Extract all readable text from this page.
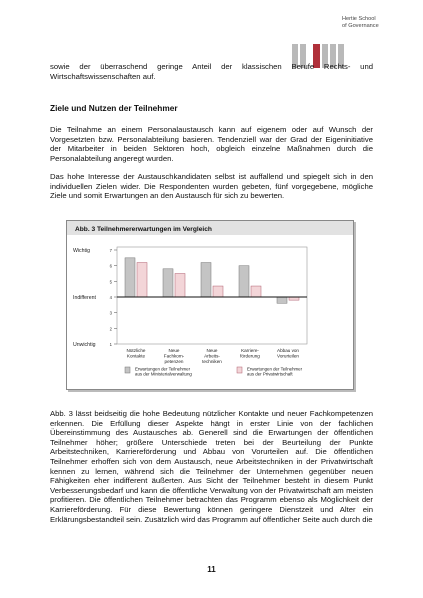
Hertie School
of Governance

sowie der überraschend geringe Anteil der klassischen Berufe Rechts- und Wirtschaftswissenschaften auf.

Ziele und Nutzen der Teilnehmer

Die Teilnahme an einem Personalaustausch kann auf eigenem oder auf Wunsch der Vorgesetzten bzw. Personalabteilung basieren. Tendenziell war der Grad der Eigeninitiative der Mitarbeiter in beiden Sektoren hoch, obgleich einzelne Maßnahmen durch die Personalabteilung angeregt wurden.

Das hohe Interesse der Austauschkandidaten selbst ist auffallend und spiegelt sich in den individuellen Zielen wider. Die Respondenten wurden gebeten, fünf vorgegebene, mögliche Ziele und somit Erwartungen an den Austausch für sich zu bewerten.

Abb. 3 Teilnehmererwartungen im Vergleich
1
2
3
4
5
6
7
Wichtig
Indifferent
Unwichtig
Nützliche
Kontakte
Neue
Fachkom-
petenzen
Neue
Arbeits-
techniken
Karriere-
förderung
Abbau von
Vorurteilen
Erwartungen der Teilnehmer
aus der Ministerialverwaltung
Erwartungen der Teilnehmer
aus der Privatwirtschaft

Abb. 3 lässt beidseitig die hohe Bedeutung nützlicher Kontakte und neuer Fachkompetenzen erkennen. Die Erfüllung dieser Aspekte hängt in erster Linie von der fachlichen Übereinstimmung des Austausches ab. Generell sind die Erwartungen der öffentlichen Teilnehmer höher; größere Unterschiede treten bei der Beurteilung der Punkte Arbeitstechniken, Karriereförderung und Abbau von Vorurteilen auf. Die öffentlichen Teilnehmer erhoffen sich von dem Austausch, neue Arbeitstechniken in der Privatwirtschaft kennen zu lernen, während sich die Teilnehmer der Unternehmen gegenüber neuen Fähigkeiten eher indifferent äußerten. Aus Sicht der Teilnehmer besteht in diesem Punkt Verbesserungsbedarf und kann die öffentliche Verwaltung von der Privatwirtschaft am meisten profitieren. Die öffentlichen Teilnehmer betrachten das Programm ebenso als Möglichkeit der Karriereförderung. Für diese Bewertung können geringere Dienstzeit und Alter ein Erklärungsbestandteil sein. Zusätzlich wird das Programm auf öffentlicher Seite auch durch die

11
